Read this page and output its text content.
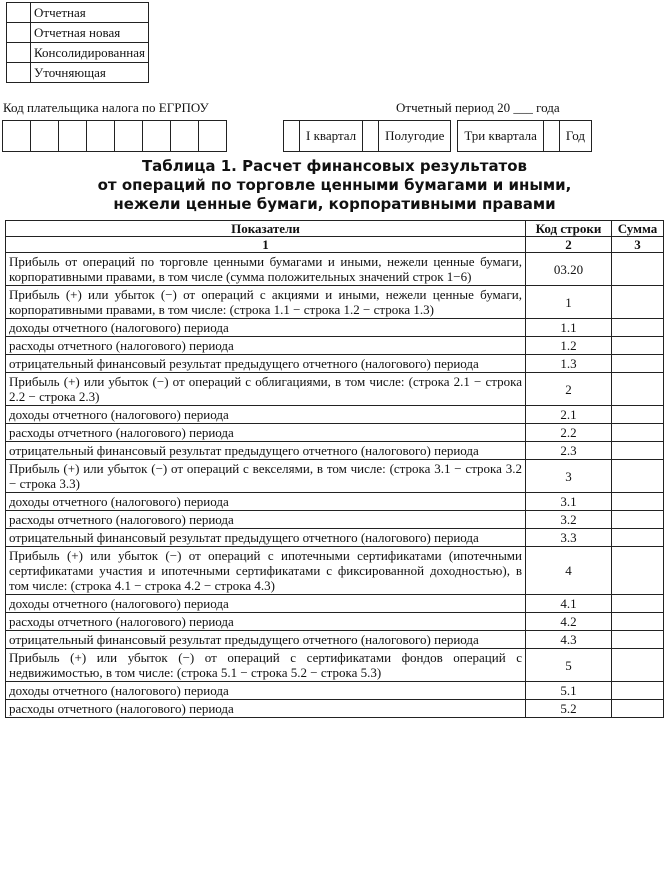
	Отчетная
	Отчетная новая
	Консолидированная
	Уточняющая
Код плательщика налога по ЕГРПОУ	Отчетный период 20 ___ года
	I квартал		Полугодие		Три квартала		Год
Таблица 1. Расчет финансовых результатов
от операций по торговле ценными бумагами и иными,
нежели ценные бумаги, корпоративными правами
Показатели	Код строки	Сумма
1	2	3
Прибыль от операций по торговле ценными бумагами и иными, нежели ценные бумаги, корпоративными правами, в том числе (сумма положительных значений строк 1−6)	03.20	
Прибыль (+) или убыток (−) от операций с акциями и иными, нежели ценные бумаги, корпоративными правами, в том числе: (строка 1.1 − строка 1.2 − строка 1.3)	1	
доходы отчетного (налогового) периода	1.1	
расходы отчетного (налогового) периода	1.2	
отрицательный финансовый результат предыдущего отчетного (налогового) периода	1.3	
Прибыль (+) или убыток (−) от операций с облигациями, в том числе: (строка 2.1 − строка 2.2 − строка 2.3)	2	
доходы отчетного (налогового) периода	2.1	
расходы отчетного (налогового) периода	2.2	
отрицательный финансовый результат предыдущего отчетного (налогового) периода	2.3	
Прибыль (+) или убыток (−) от операций с векселями, в том числе: (строка 3.1 − строка 3.2 − строка 3.3)	3	
доходы отчетного (налогового) периода	3.1	
расходы отчетного (налогового) периода	3.2	
отрицательный финансовый результат предыдущего отчетного (налогового) периода	3.3	
Прибыль (+) или убыток (−) от операций с ипотечными сертификатами (ипотечными сертификатами участия и ипотечными сертификатами с фиксированной доходностью), в том числе: (строка 4.1 − строка 4.2 − строка 4.3)	4	
доходы отчетного (налогового) периода	4.1	
расходы отчетного (налогового) периода	4.2	
отрицательный финансовый результат предыдущего отчетного (налогового) периода	4.3	
Прибыль (+) или убыток (−) от операций с сертификатами фондов операций с недвижимостью, в том числе: (строка 5.1 − строка 5.2 − строка 5.3)	5	
доходы отчетного (налогового) периода	5.1	
расходы отчетного (налогового) периода	5.2	
